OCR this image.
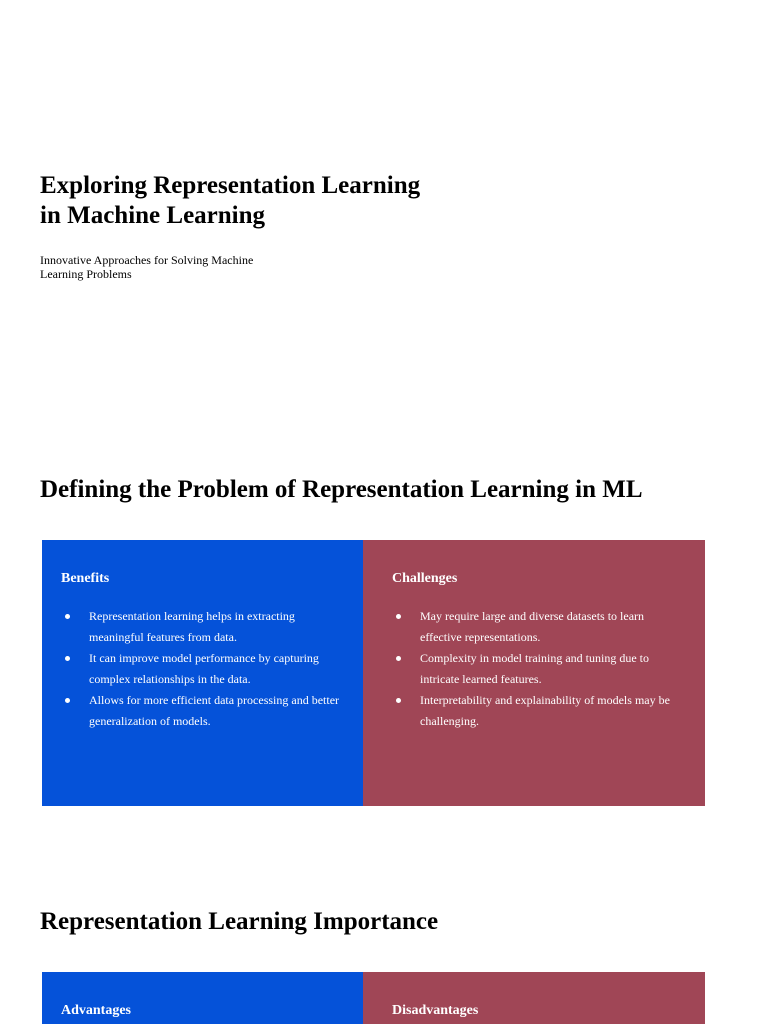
Exploring Representation Learning in Machine Learning

Innovative Approaches for Solving Machine Learning Problems

Defining the Problem of Representation Learning in ML
Benefits
Representation learning helps in extracting meaningful features from data.
It can improve model performance by capturing complex relationships in the data.
Allows for more efficient data processing and better generalization of models.
Challenges
May require large and diverse datasets to learn effective representations.
Complexity in model training and tuning due to intricate learned features.
Interpretability and explainability of models may be challenging.
Representation Learning Importance
Advantages	Disadvantages
